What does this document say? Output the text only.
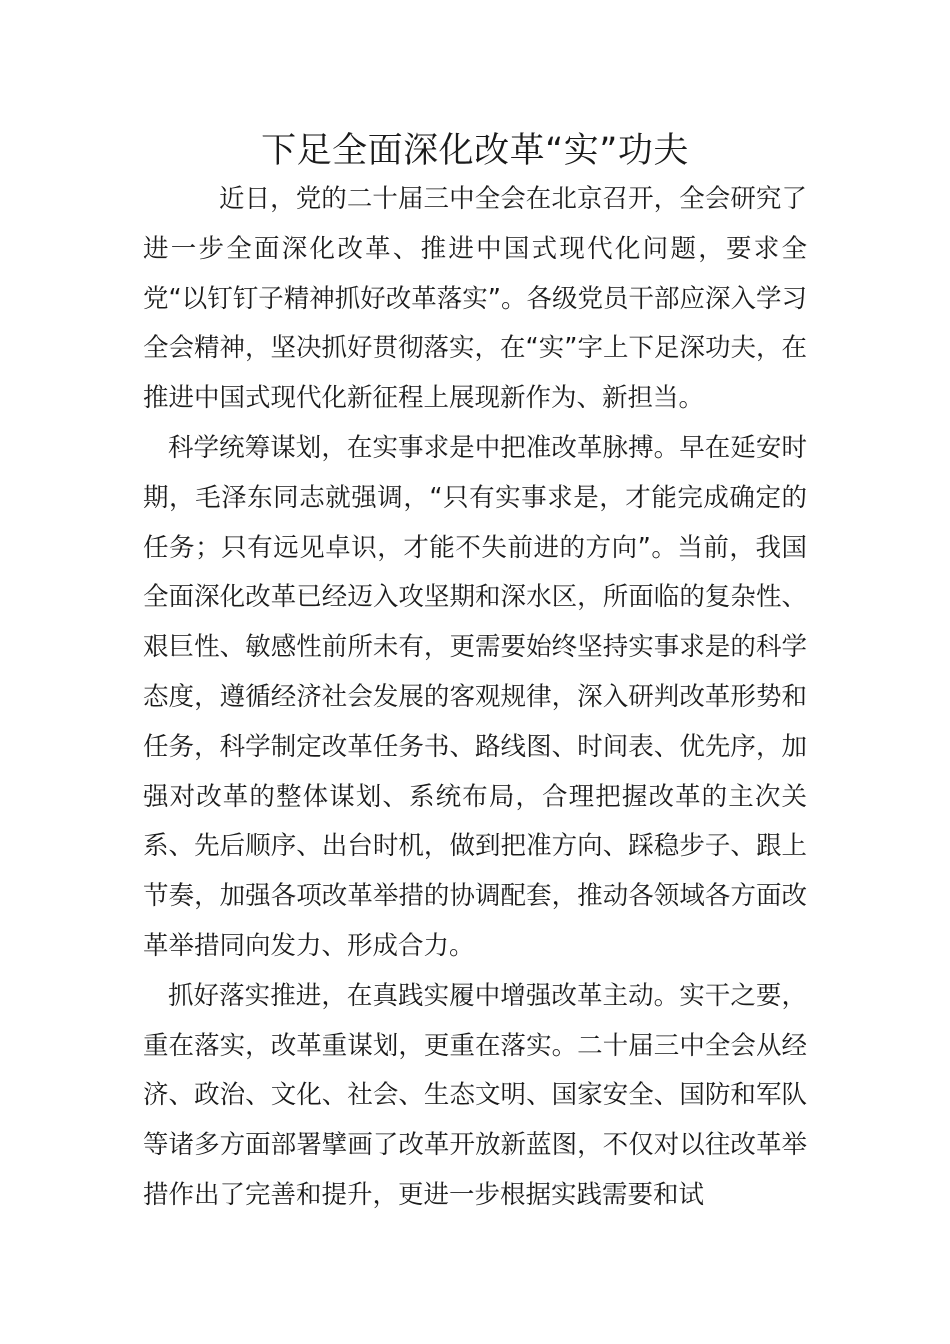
下足全面深化改革“实”功夫

近日，党的二十届三中全会在北京召开，全会研究了进一步全面深化改革、推进中国式现代化问题，要求全党“以钉钉子精神抓好改革落实”。各级党员干部应深入学习全会精神，坚决抓好贯彻落实，在“实”字上下足深功夫，在推进中国式现代化新征程上展现新作为、新担当。

科学统筹谋划，在实事求是中把准改革脉搏。早在延安时期，毛泽东同志就强调，“只有实事求是，才能完成确定的任务；只有远见卓识，才能不失前进的方向”。当前，我国全面深化改革已经迈入攻坚期和深水区，所面临的复杂性、艰巨性、敏感性前所未有，更需要始终坚持实事求是的科学态度，遵循经济社会发展的客观规律，深入研判改革形势和任务，科学制定改革任务书、路线图、时间表、优先序，加强对改革的整体谋划、系统布局，合理把握改革的主次关系、先后顺序、出台时机，做到把准方向、踩稳步子、跟上节奏，加强各项改革举措的协调配套，推动各领域各方面改革举措同向发力、形成合力。

抓好落实推进，在真践实履中增强改革主动。实干之要，重在落实，改革重谋划，更重在落实。二十届三中全会从经济、政治、文化、社会、生态文明、国家安全、国防和军队等诸多方面部署擘画了改革开放新蓝图，不仅对以往改革举措作出了完善和提升，更进一步根据实践需要和试
